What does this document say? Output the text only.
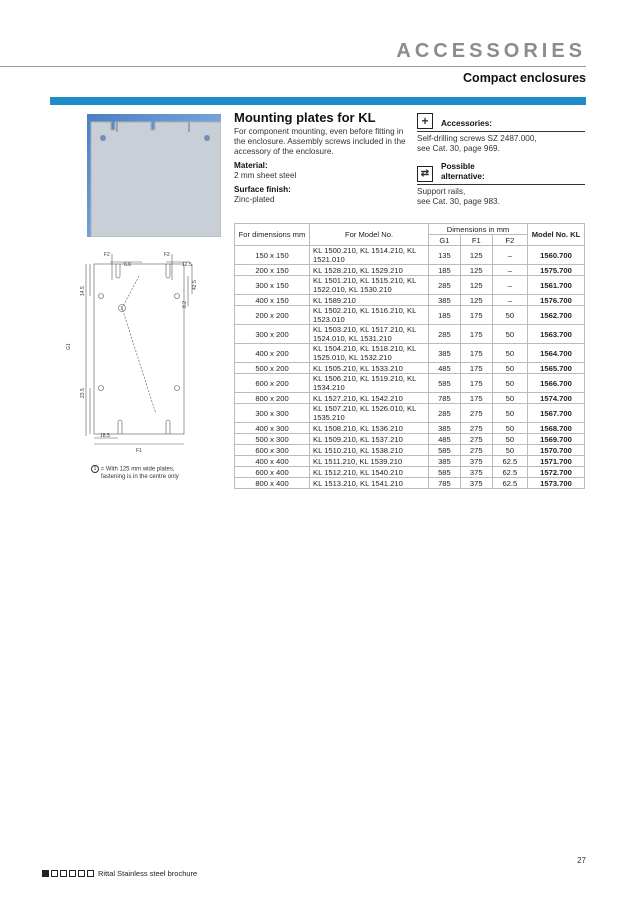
ACCESSORIES
Compact enclosures
F2	F2
6.6	12.5
42.5
8.2
14.5
23.5
G1
18.5
F1
1
1 = With 125 mm wide plates,
fastening is in the centre only
Mounting plates for KL

For component mounting, even before fitting in the enclosure. Assembly screws included in the accessory of the enclosure.

Material:

2 mm sheet steel

Surface finish:

Zinc-plated

+	Accessories:
Self-drilling screws SZ 2487.000,
see Cat. 30, page 969.
⇄
Possible
alternative:
Support rails,
see Cat. 30, page 983.
For dimensions mm	For Model No.	Dimensions in mm			Model No. KL
		G1	F1	F2	
150 x 150	KL 1500.210, KL 1514.210, KL 1521.010	135	125	–	1560.700
200 x 150	KL 1528.210, KL 1529.210	185	125	–	1575.700
300 x 150	KL 1501.210, KL 1515.210, KL 1522.010, KL 1530.210	285	125	–	1561.700
400 x 150	KL 1589.210	385	125	–	1576.700
200 x 200	KL 1502.210, KL 1516.210, KL 1523.010	185	175	50	1562.700
300 x 200	KL 1503.210, KL 1517.210, KL 1524.010, KL 1531.210	285	175	50	1563.700
400 x 200	KL 1504.210, KL 1518.210, KL 1525.010, KL 1532.210	385	175	50	1564.700
500 x 200	KL 1505.210, KL 1533.210	485	175	50	1565.700
600 x 200	KL 1506.210, KL 1519.210, KL 1534.210	585	175	50	1566.700
800 x 200	KL 1527.210, KL 1542.210	785	175	50	1574.700
300 x 300	KL 1507.210, KL 1526.010, KL 1535.210	285	275	50	1567.700
400 x 300	KL 1508.210, KL 1536.210	385	275	50	1568.700
500 x 300	KL 1509.210, KL 1537.210	485	275	50	1569.700
600 x 300	KL 1510.210, KL 1538.210	585	275	50	1570.700
400 x 400	KL 1511.210, KL 1539.210	385	375	62.5	1571.700
600 x 400	KL 1512.210, KL 1540.210	585	375	62.5	1572.700
800 x 400	KL 1513.210, KL 1541.210	785	375	62.5	1573.700
27
Rittal Stainless steel brochure
